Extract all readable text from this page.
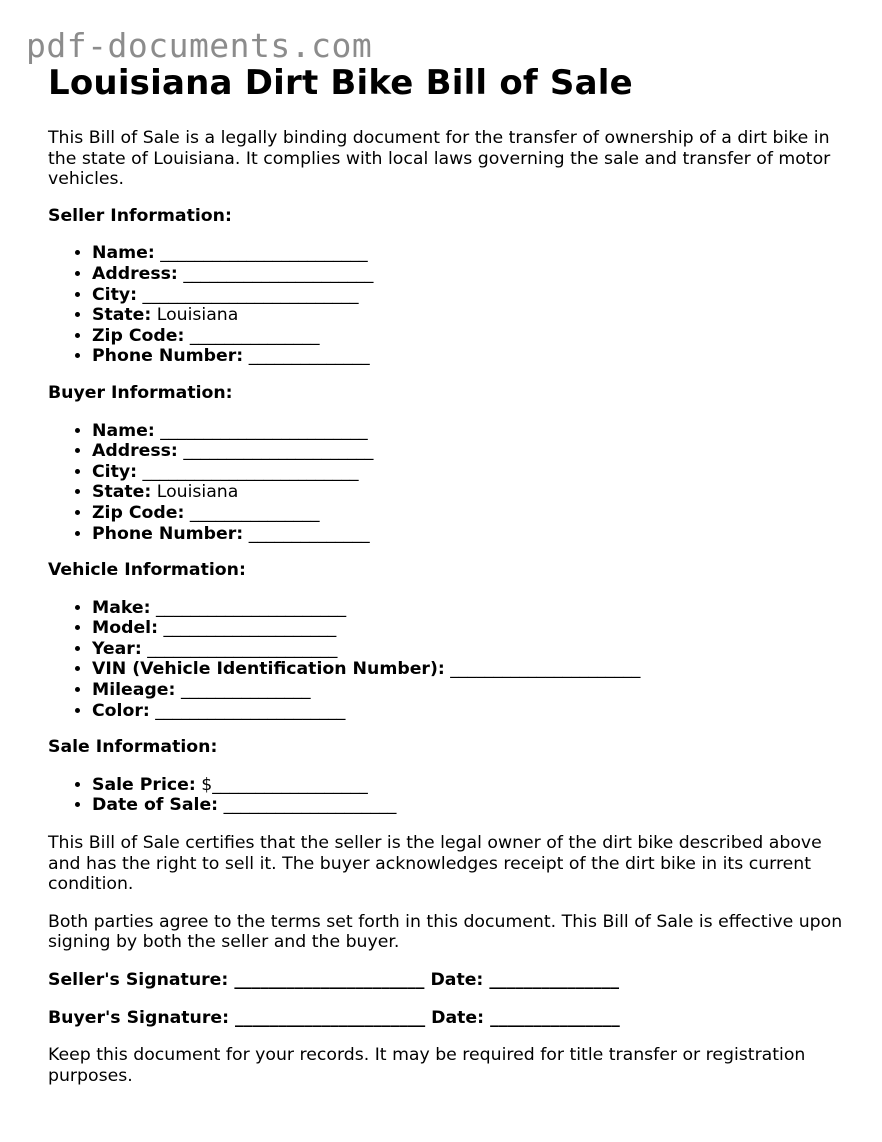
pdf-documents.com
Louisiana Dirt Bike Bill of Sale

This Bill of Sale is a legally binding document for the transfer of ownership of a dirt bike in the state of Louisiana. It complies with local laws governing the sale and transfer of motor vehicles.

Seller Information:

• Name: ________________________
• Address: ______________________
• City: _________________________
• State: Louisiana
• Zip Code: _______________
• Phone Number: ______________

Buyer Information:

• Name: ________________________
• Address: ______________________
• City: _________________________
• State: Louisiana
• Zip Code: _______________
• Phone Number: ______________

Vehicle Information:

• Make: ______________________
• Model: ____________________
• Year: ______________________
• VIN (Vehicle Identification Number): ______________________
• Mileage: _______________
• Color: ______________________

Sale Information:

• Sale Price: $__________________
• Date of Sale: ____________________

This Bill of Sale certifies that the seller is the legal owner of the dirt bike described above and has the right to sell it. The buyer acknowledges receipt of the dirt bike in its current condition.

Both parties agree to the terms set forth in this document. This Bill of Sale is effective upon signing by both the seller and the buyer.

Seller's Signature: ______________________ Date: _______________

Buyer's Signature: ______________________ Date: _______________

Keep this document for your records. It may be required for title transfer or registration purposes.
